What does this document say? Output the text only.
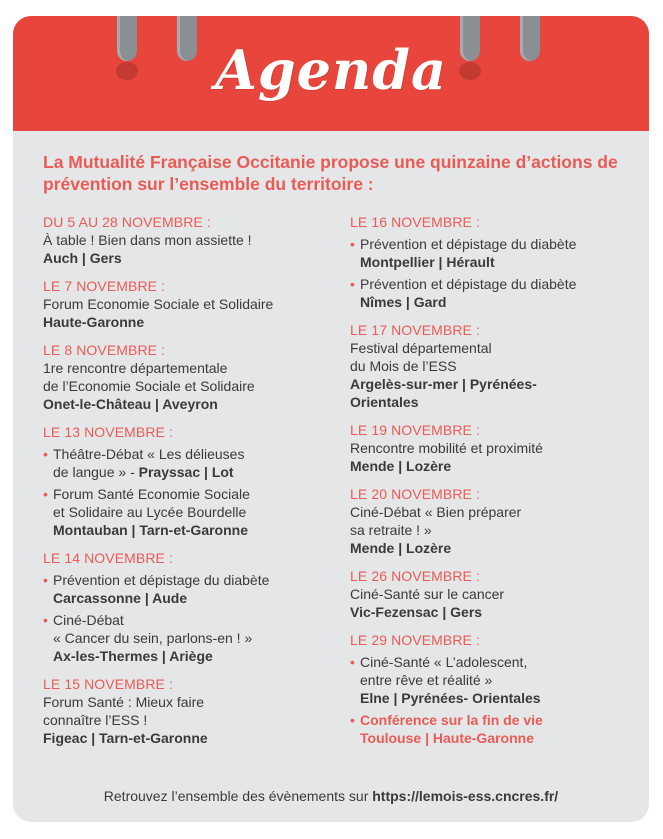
Agenda
La Mutualité Française Occitanie propose une quinzaine d’actions de prévention sur l’ensemble du territoire :
DU 5 AU 28 NOVEMBRE :
À table ! Bien dans mon assiette !
Auch | Gers
LE 7 NOVEMBRE :
Forum Economie Sociale et Solidaire
Haute-Garonne
LE 8 NOVEMBRE :
1re rencontre départementale
de l’Economie Sociale et Solidaire
Onet-le-Château | Aveyron
LE 13 NOVEMBRE :
• Théâtre-Débat « Les délieuses
de langue » - Prayssac | Lot
• Forum Santé Economie Sociale
et Solidaire au Lycée Bourdelle
Montauban | Tarn-et-Garonne
LE 14 NOVEMBRE :
• Prévention et dépistage du diabète
Carcassonne | Aude
• Ciné-Débat
« Cancer du sein, parlons-en ! »
Ax-les-Thermes | Ariège
LE 15 NOVEMBRE :
Forum Santé : Mieux faire
connaître l’ESS !
Figeac | Tarn-et-Garonne
LE 16 NOVEMBRE :
• Prévention et dépistage du diabète
Montpellier | Hérault
• Prévention et dépistage du diabète
Nîmes | Gard
LE 17 NOVEMBRE :
Festival départemental
du Mois de l’ESS
Argelès-sur-mer | Pyrénées-
Orientales
LE 19 NOVEMBRE :
Rencontre mobilité et proximité
Mende | Lozère
LE 20 NOVEMBRE :
Ciné-Débat « Bien préparer
sa retraite ! »
Mende | Lozère
LE 26 NOVEMBRE :
Ciné-Santé sur le cancer
Vic-Fezensac | Gers
LE 29 NOVEMBRE :
• Ciné-Santé « L’adolescent,
entre rêve et réalité »
Elne | Pyrénées- Orientales
• Conférence sur la fin de vie
Toulouse | Haute-Garonne
Retrouvez l’ensemble des évènements sur https://lemois-ess.cncres.fr/
